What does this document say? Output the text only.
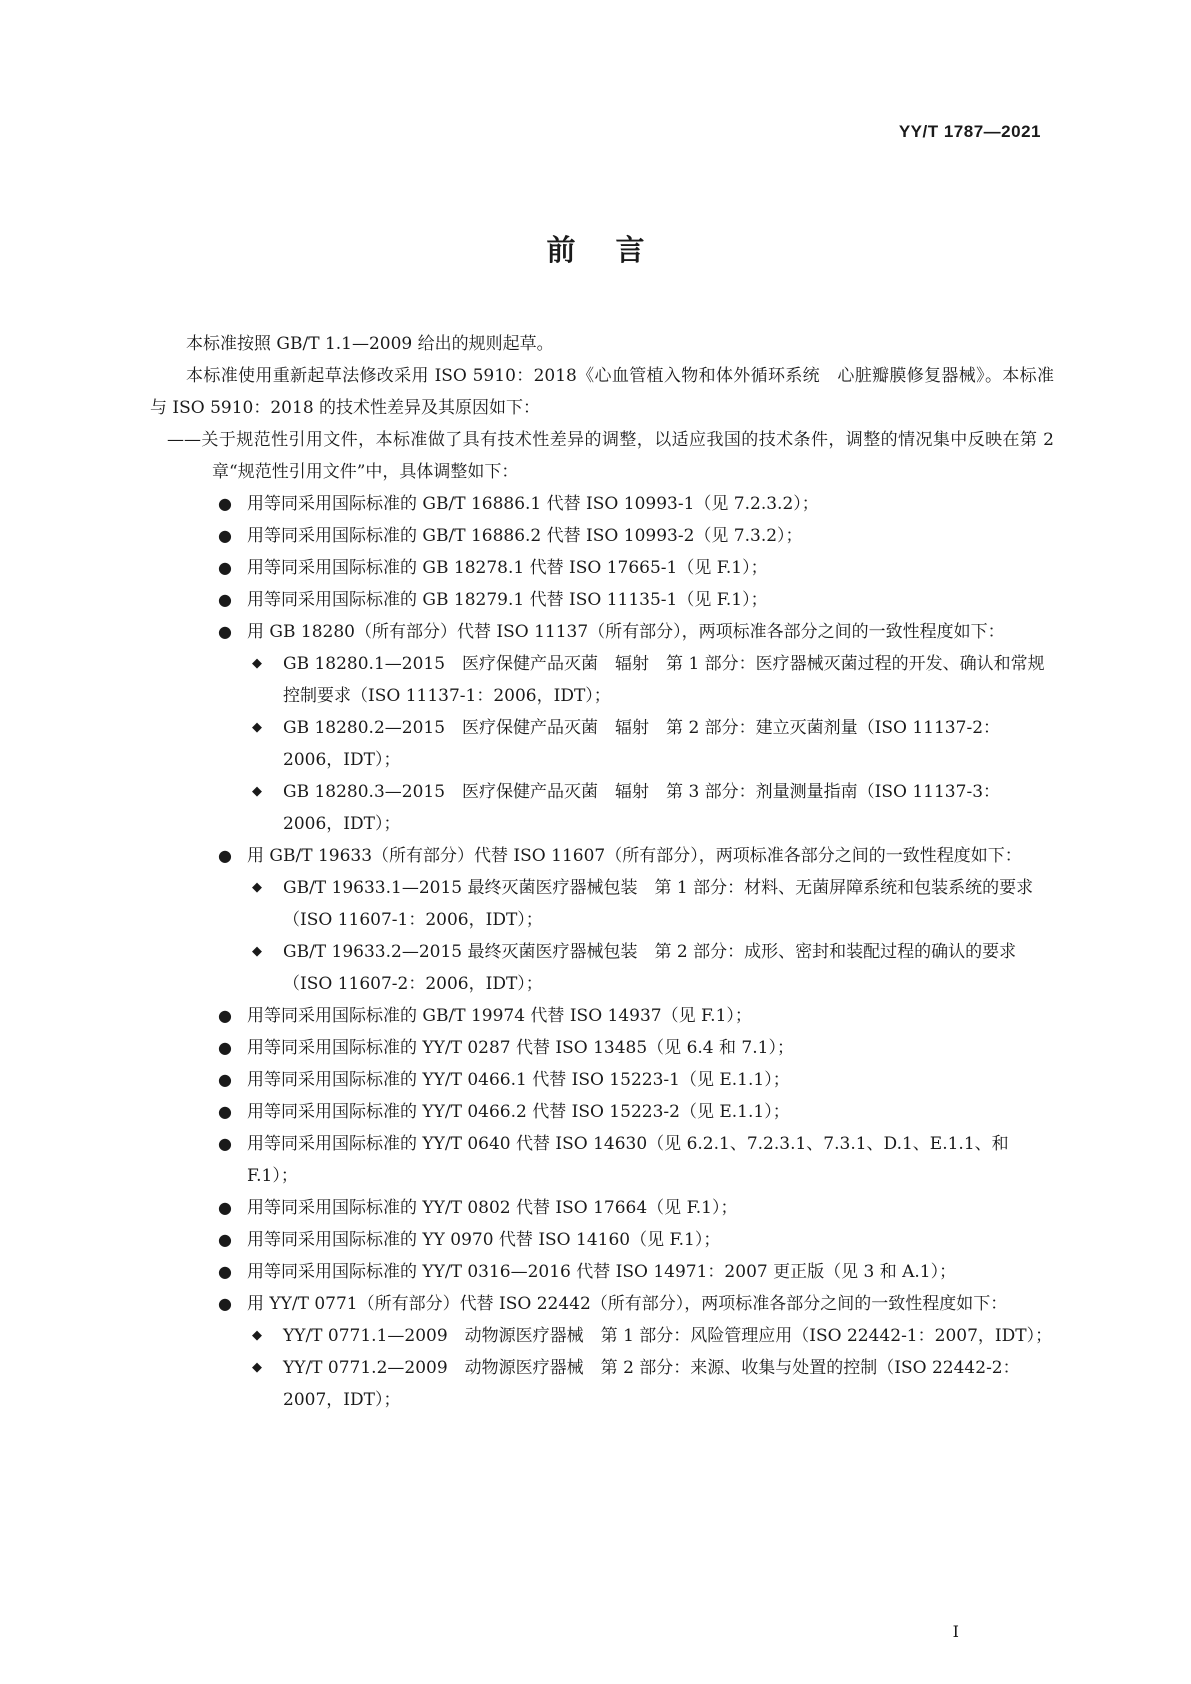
YY/T 1787—2021
前言

本标准按照 GB/T 1.1—2009 给出的规则起草。

本标准使用重新起草法修改采用 ISO 5910：2018《心血管植入物和体外循环系统　心脏瓣膜修复器械》。本标准与 ISO 5910：2018 的技术性差异及其原因如下：

——关于规范性引用文件，本标准做了具有技术性差异的调整，以适应我国的技术条件，调整的情况集中反映在第 2 章“规范性引用文件”中，具体调整如下：

● 用等同采用国际标准的 GB/T 16886.1 代替 ISO 10993-1（见 7.2.3.2）；
● 用等同采用国际标准的 GB/T 16886.2 代替 ISO 10993-2（见 7.3.2）；
● 用等同采用国际标准的 GB 18278.1 代替 ISO 17665-1（见 F.1）；
● 用等同采用国际标准的 GB 18279.1 代替 ISO 11135-1（见 F.1）；
● 用 GB 18280（所有部分）代替 ISO 11137（所有部分），两项标准各部分之间的一致性程度如下：
◆ GB 18280.1—2015　医疗保健产品灭菌　辐射　第 1 部分：医疗器械灭菌过程的开发、确认和常规控制要求（ISO 11137-1：2006，IDT）；
◆ GB 18280.2—2015　医疗保健产品灭菌　辐射　第 2 部分：建立灭菌剂量（ISO 11137-2：2006，IDT）；
◆ GB 18280.3—2015　医疗保健产品灭菌　辐射　第 3 部分：剂量测量指南（ISO 11137-3：2006，IDT）；
● 用 GB/T 19633（所有部分）代替 ISO 11607（所有部分），两项标准各部分之间的一致性程度如下：
◆ GB/T 19633.1—2015 最终灭菌医疗器械包装　第 1 部分：材料、无菌屏障系统和包装系统的要求（ISO 11607-1：2006，IDT）；
◆ GB/T 19633.2—2015 最终灭菌医疗器械包装　第 2 部分：成形、密封和装配过程的确认的要求（ISO 11607-2：2006，IDT）；
● 用等同采用国际标准的 GB/T 19974 代替 ISO 14937（见 F.1）；
● 用等同采用国际标准的 YY/T 0287 代替 ISO 13485（见 6.4 和 7.1）；
● 用等同采用国际标准的 YY/T 0466.1 代替 ISO 15223-1（见 E.1.1）；
● 用等同采用国际标准的 YY/T 0466.2 代替 ISO 15223-2（见 E.1.1）；
● 用等同采用国际标准的 YY/T 0640 代替 ISO 14630（见 6.2.1、7.2.3.1、7.3.1、D.1、E.1.1、和 F.1）；
● 用等同采用国际标准的 YY/T 0802 代替 ISO 17664（见 F.1）；
● 用等同采用国际标准的 YY 0970 代替 ISO 14160（见 F.1）；
● 用等同采用国际标准的 YY/T 0316—2016 代替 ISO 14971：2007 更正版（见 3 和 A.1）；
● 用 YY/T 0771（所有部分）代替 ISO 22442（所有部分），两项标准各部分之间的一致性程度如下：
◆ YY/T 0771.1—2009　动物源医疗器械　第 1 部分：风险管理应用（ISO 22442-1：2007，IDT）；
◆ YY/T 0771.2—2009　动物源医疗器械　第 2 部分：来源、收集与处置的控制（ISO 22442-2：2007，IDT）；
I
